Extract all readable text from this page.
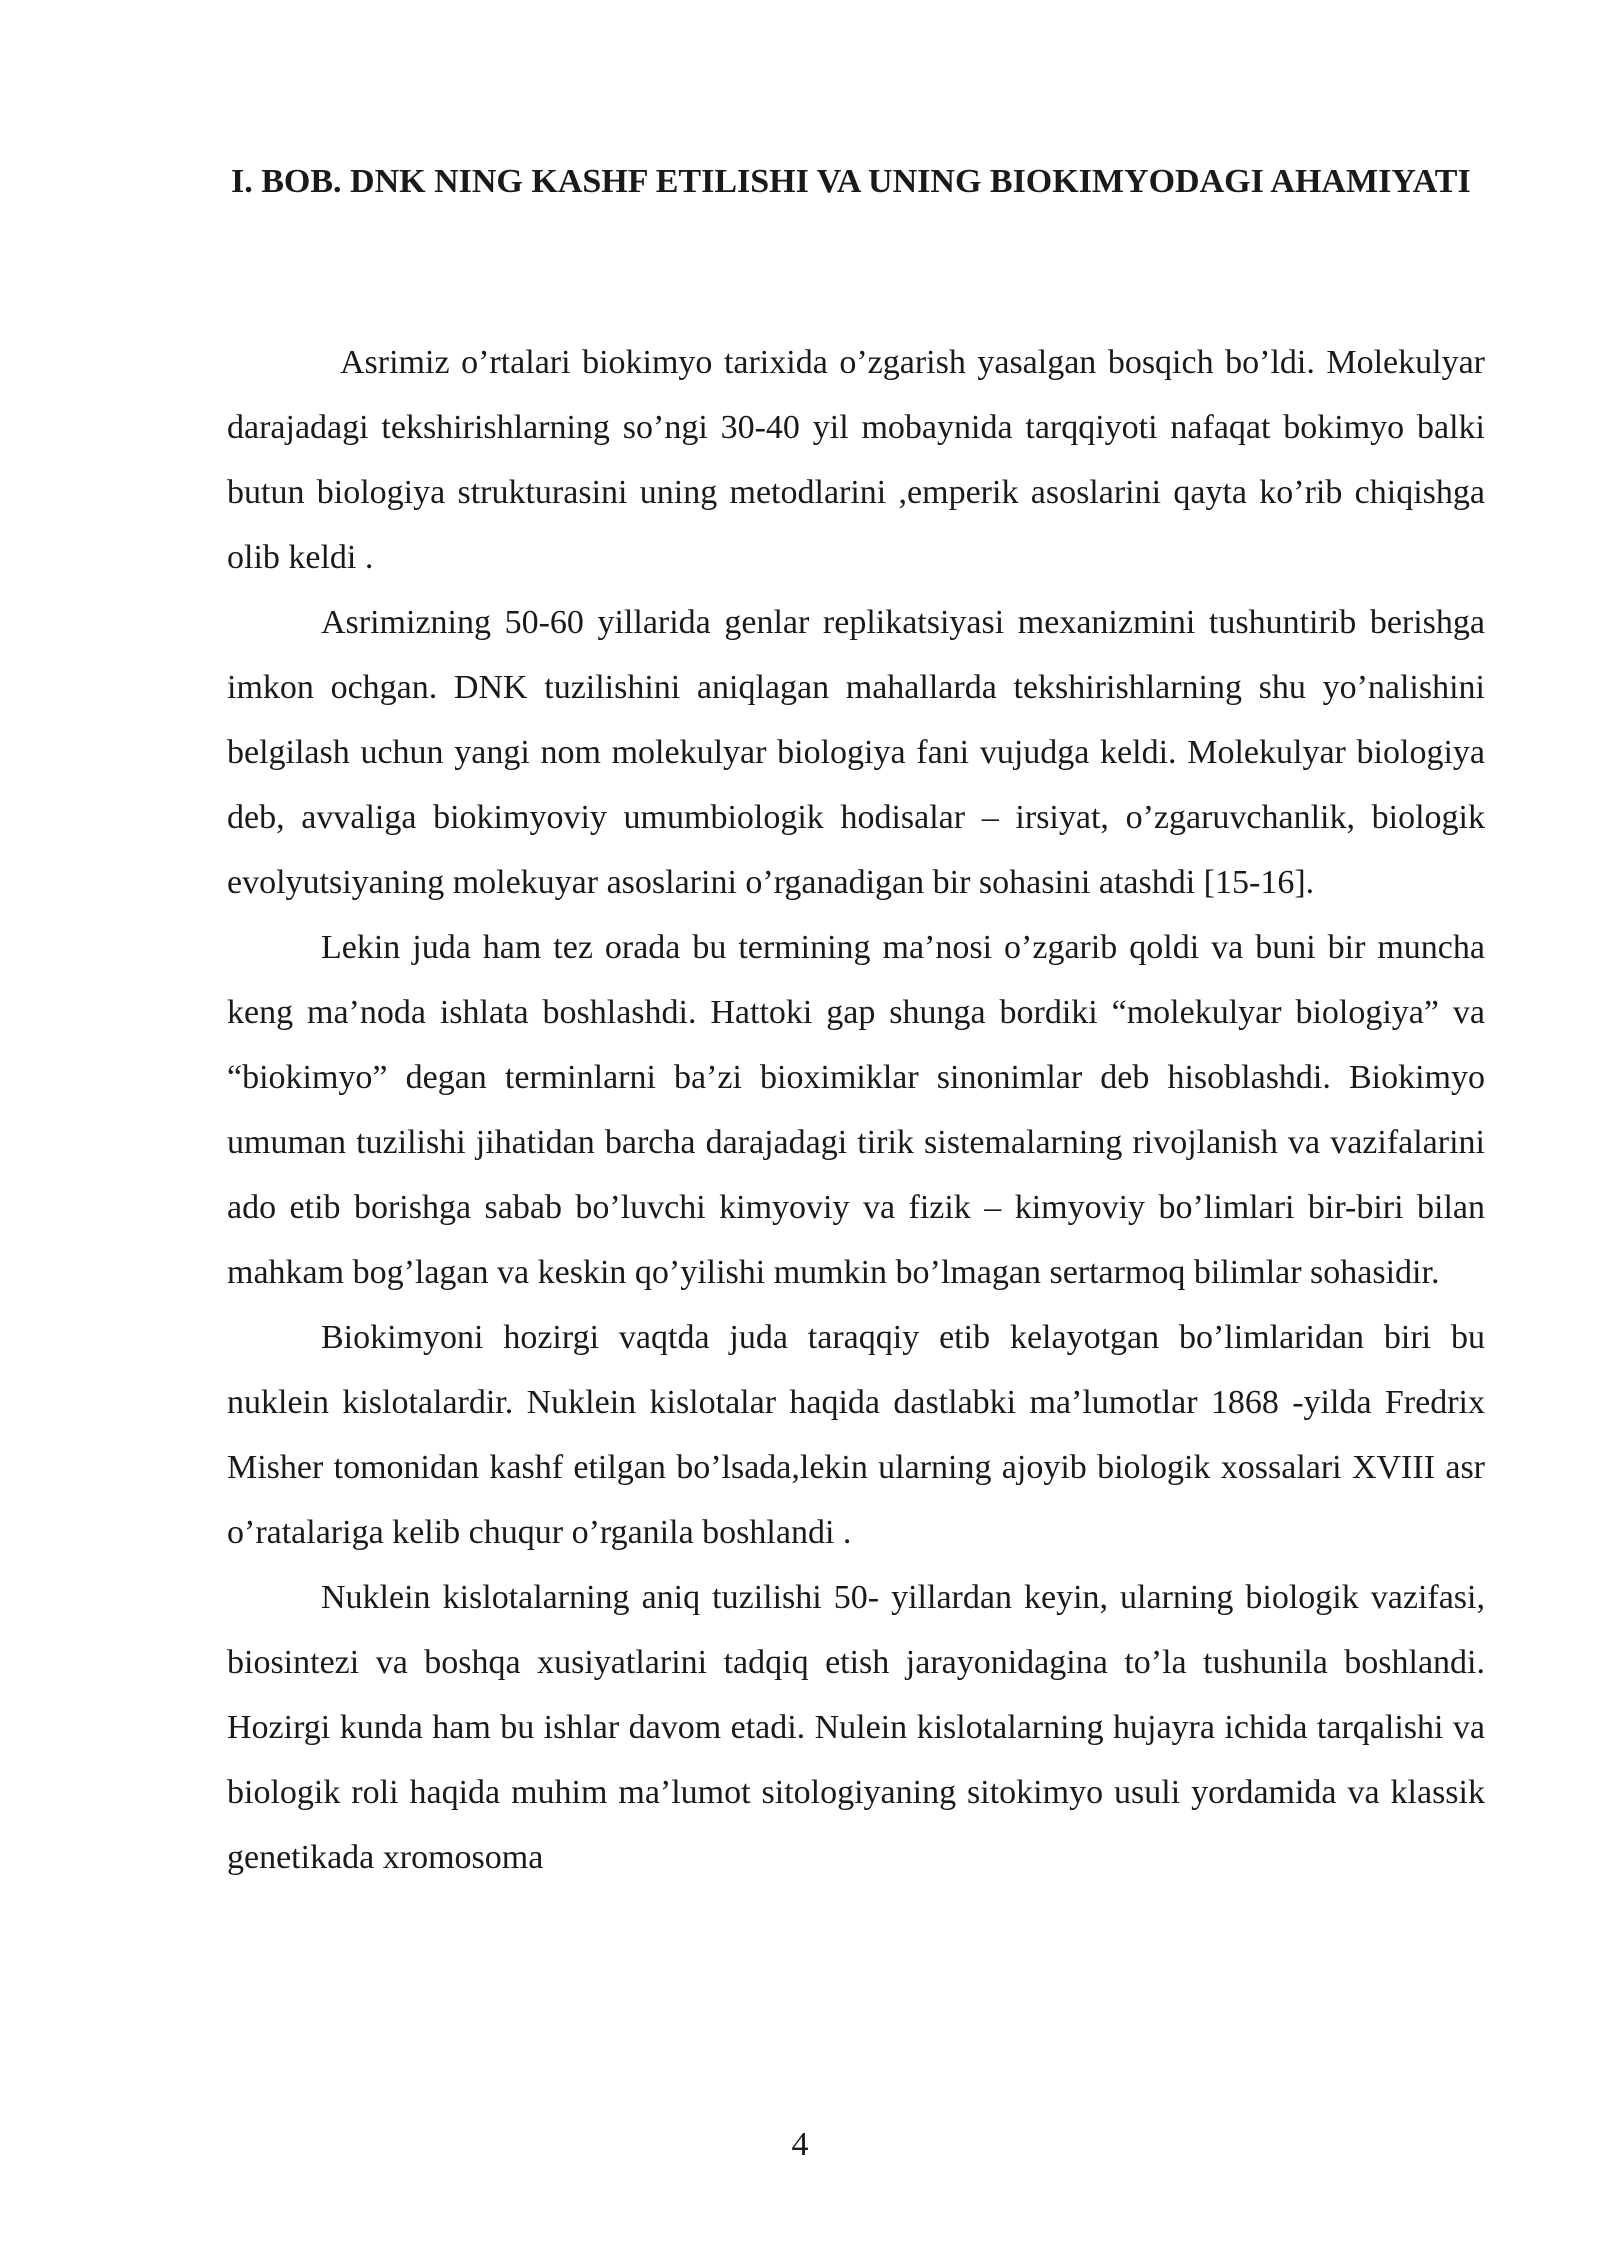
I. BOB. DNK NING KASHF ETILISHI VA UNING BIOKIMYODAGI AHAMIYATI

Asrimiz o’rtalari biokimyo tarixida o’zgarish yasalgan bosqich bo’ldi. Molekulyar darajadagi tekshirishlarning so’ngi 30-40 yil mobaynida tarqqiyoti nafaqat bokimyo balki butun biologiya strukturasini uning metodlarini ,emperik asoslarini qayta ko’rib chiqishga olib keldi .

Asrimizning 50-60 yillarida genlar replikatsiyasi mexanizmini tushuntirib berishga imkon ochgan. DNK tuzilishini aniqlagan mahallarda tekshirishlarning shu yo’nalishini belgilash uchun yangi nom molekulyar biologiya fani vujudga keldi. Molekulyar biologiya deb, avvaliga biokimyoviy umumbiologik hodisalar – irsiyat, o’zgaruvchanlik, biologik evolyutsiyaning molekuyar asoslarini o’rganadigan bir sohasini atashdi [15-16].

Lekin juda ham tez orada bu termining ma’nosi o’zgarib qoldi va buni bir muncha keng ma’noda ishlata boshlashdi. Hattoki gap shunga bordiki “molekulyar biologiya” va “biokimyo” degan terminlarni ba’zi bioximiklar sinonimlar deb hisoblashdi. Biokimyo umuman tuzilishi jihatidan barcha darajadagi tirik sistemalarning rivojlanish va vazifalarini ado etib borishga sabab bo’luvchi kimyoviy va fizik – kimyoviy bo’limlari bir-biri bilan mahkam bog’lagan va keskin qo’yilishi mumkin bo’lmagan sertarmoq bilimlar sohasidir.

Biokimyoni hozirgi vaqtda juda taraqqiy etib kelayotgan bo’limlaridan biri bu nuklein kislotalardir. Nuklein kislotalar haqida dastlabki ma’lumotlar 1868 -yilda Fredrix Misher tomonidan kashf etilgan bo’lsada,lekin ularning ajoyib biologik xossalari XVIII asr o’ratalariga kelib chuqur o’rganila boshlandi .

Nuklein kislotalarning aniq tuzilishi 50- yillardan keyin, ularning biologik vazifasi, biosintezi va boshqa xusiyatlarini tadqiq etish jarayonidagina to’la tushunila boshlandi. Hozirgi kunda ham bu ishlar davom etadi. Nulein kislotalarning hujayra ichida tarqalishi va biologik roli haqida muhim ma’lumot sitologiyaning sitokimyo usuli yordamida va klassik genetikada xromosoma

4
